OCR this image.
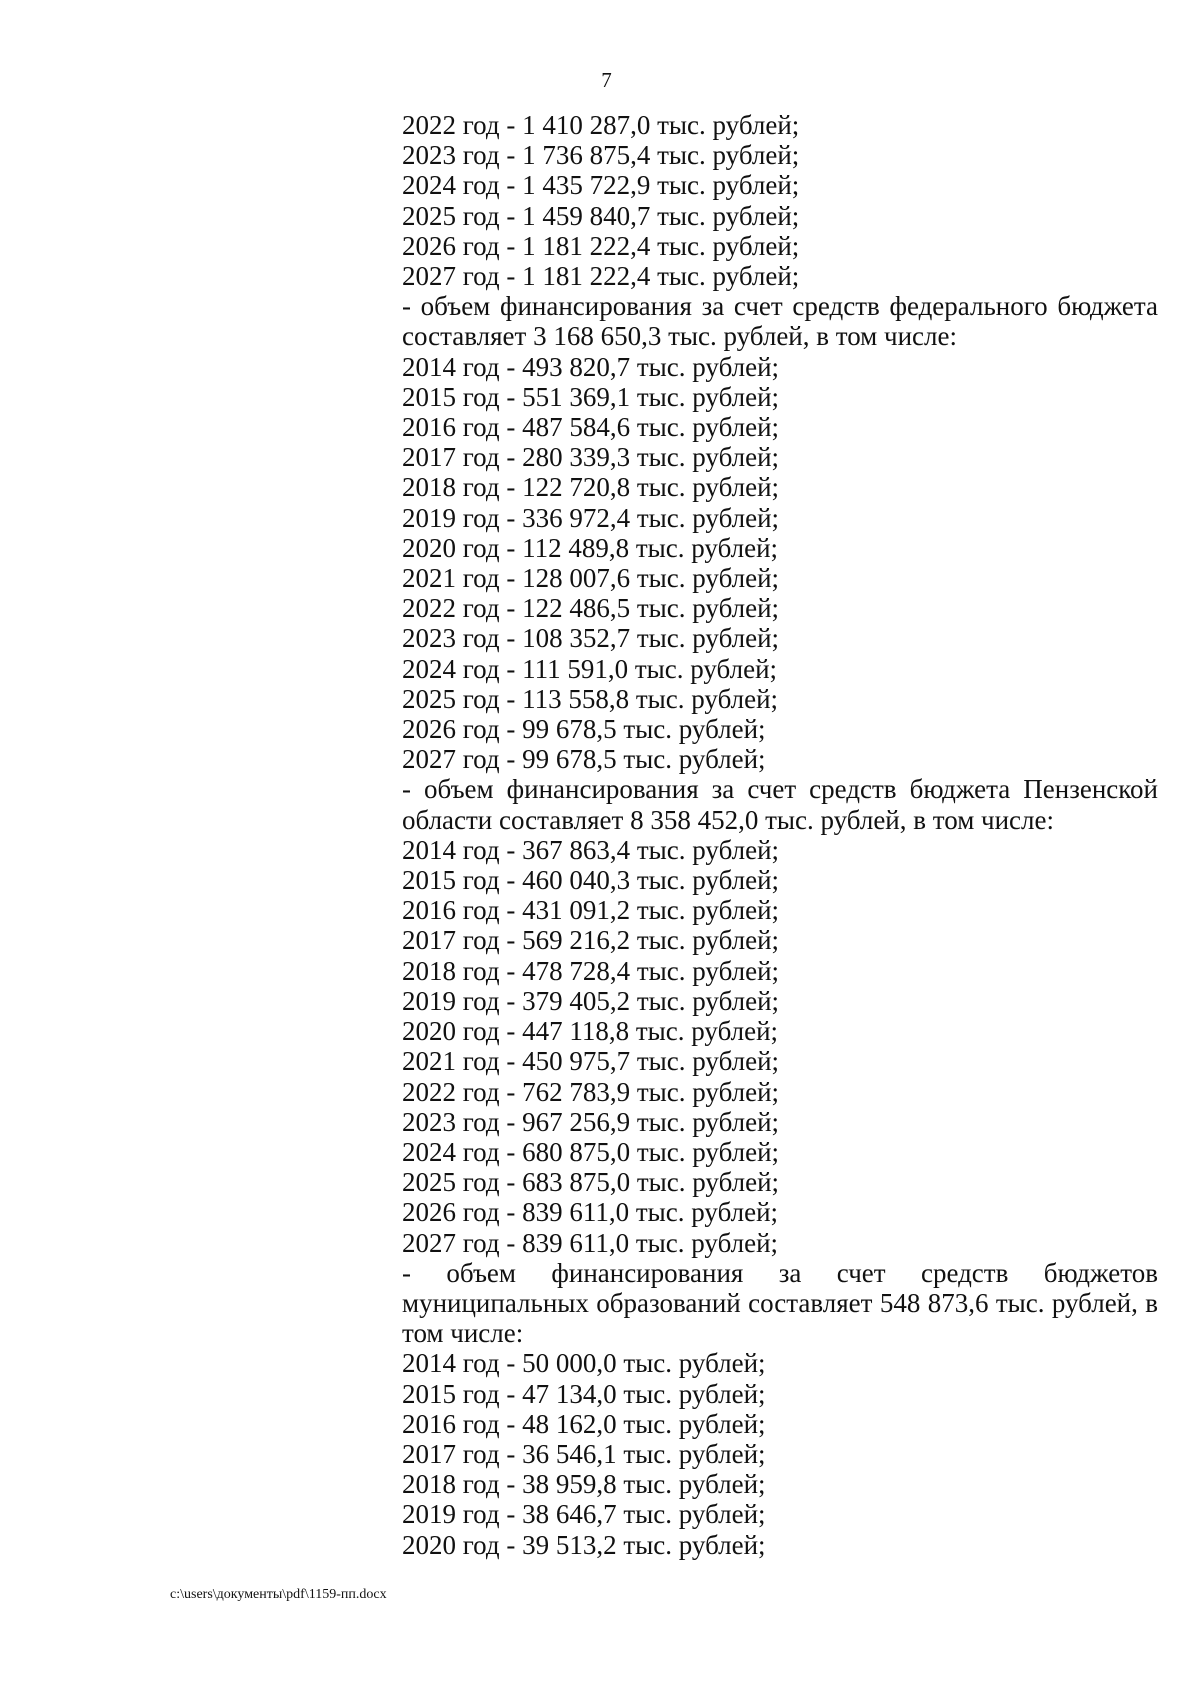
7
2022 год - 1 410 287,0 тыс. рублей;
2023 год - 1 736 875,4 тыс. рублей;
2024 год - 1 435 722,9 тыс. рублей;
2025 год - 1 459 840,7 тыс. рублей;
2026 год - 1 181 222,4 тыс. рублей;
2027 год - 1 181 222,4 тыс. рублей;
- объем финансирования за счет средств федерального бюджета составляет 3 168 650,3 тыс. рублей, в том числе:
2014 год - 493 820,7 тыс. рублей;
2015 год - 551 369,1 тыс. рублей;
2016 год - 487 584,6 тыс. рублей;
2017 год - 280 339,3 тыс. рублей;
2018 год - 122 720,8 тыс. рублей;
2019 год - 336 972,4 тыс. рублей;
2020 год - 112 489,8 тыс. рублей;
2021 год - 128 007,6 тыс. рублей;
2022 год - 122 486,5 тыс. рублей;
2023 год - 108 352,7 тыс. рублей;
2024 год - 111 591,0 тыс. рублей;
2025 год - 113 558,8 тыс. рублей;
2026 год - 99 678,5 тыс. рублей;
2027 год - 99 678,5 тыс. рублей;
- объем финансирования за счет средств бюджета Пензенской области составляет 8 358 452,0 тыс. рублей, в том числе:
2014 год - 367 863,4 тыс. рублей;
2015 год - 460 040,3 тыс. рублей;
2016 год - 431 091,2 тыс. рублей;
2017 год - 569 216,2 тыс. рублей;
2018 год - 478 728,4 тыс. рублей;
2019 год - 379 405,2 тыс. рублей;
2020 год - 447 118,8 тыс. рублей;
2021 год - 450 975,7 тыс. рублей;
2022 год - 762 783,9 тыс. рублей;
2023 год - 967 256,9 тыс. рублей;
2024 год - 680 875,0 тыс. рублей;
2025 год - 683 875,0 тыс. рублей;
2026 год - 839 611,0 тыс. рублей;
2027 год - 839 611,0 тыс. рублей;
- объем финансирования за счет средств бюджетов муниципальных образований составляет 548 873,6 тыс. рублей, в том числе:
2014 год - 50 000,0 тыс. рублей;
2015 год - 47 134,0 тыс. рублей;
2016 год - 48 162,0 тыс. рублей;
2017 год - 36 546,1 тыс. рублей;
2018 год - 38 959,8 тыс. рублей;
2019 год - 38 646,7 тыс. рублей;
2020 год - 39 513,2 тыс. рублей;
c:\users\документы\pdf\1159-пп.docx
